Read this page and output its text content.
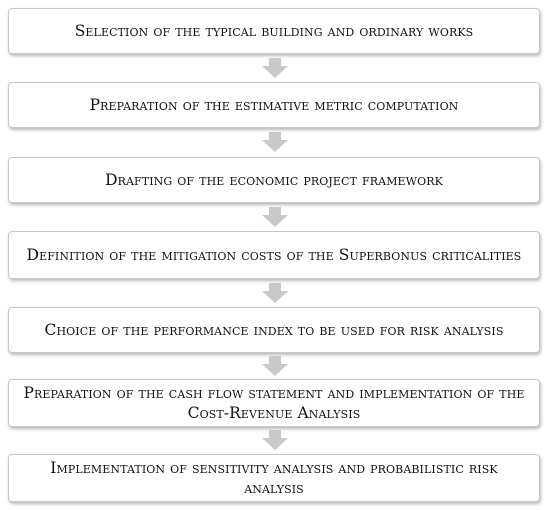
Selection of the typical building and ordinary works
Preparation of the estimative metric computation
Drafting of the economic project framework
Definition of the mitigation costs of the Superbonus criticalities
Choice of the performance index to be used for risk analysis
Preparation of the cash flow statement and implementation of the Cost-Revenue Analysis
Implementation of sensitivity analysis and probabilistic risk analysis
